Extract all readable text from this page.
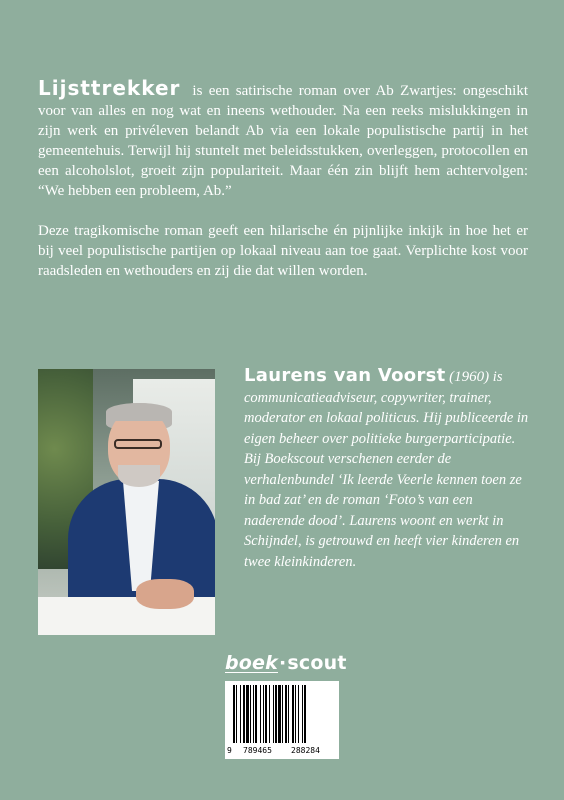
Lijsttrekker is een satirische roman over Ab Zwartjes: ongeschikt voor van alles en nog wat en ineens wethouder. Na een reeks mislukkingen in zijn werk en privéleven belandt Ab via een lokale populistische partij in het gemeentehuis. Terwijl hij stuntelt met beleidsstukken, overleggen, protocollen en een alcoholslot, groeit zijn populariteit. Maar één zin blijft hem achtervolgen: “We hebben een probleem, Ab.”

Deze tragikomische roman geeft een hilarische én pijnlijke inkijk in hoe het er bij veel populistische partijen op lokaal niveau aan toe gaat. Verplichte kost voor raadsleden en wethouders en zij die dat willen worden.

Laurens van Voorst (1960) is communicatieadviseur, copywriter, trainer, moderator en lokaal politicus. Hij publiceerde in eigen beheer over politieke burgerparticipatie. Bij Boekscout verschenen eerder de verhalenbundel ‘Ik leerde Veerle kennen toen ze in bad zat’ en de roman ‘Foto’s van een naderende dood’. Laurens woont en werkt in Schijndel, is getrouwd en heeft vier kinderen en twee kleinkinderen.
boek·scout
9 789465 288284
